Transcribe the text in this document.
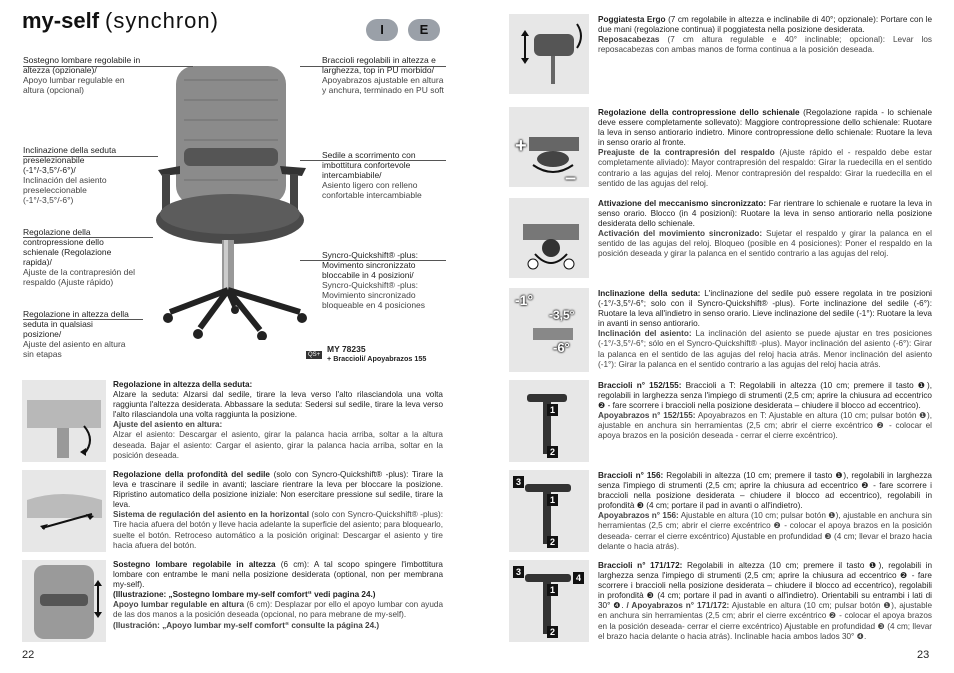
my-self (synchron)	I	E
Sostegno lombare regolabile in altezza (opzionale)/
Apoyo lumbar regulable en altura (opcional)
Inclinazione della seduta preselezionabile (-1°/-3,5°/-6°)/
Inclinación del asiento preseleccionable (-1°/-3,5°/-6°)
Regolazione della contropressione dello schienale (Regolazione rapida)/
Ajuste de la contrapresión del respaldo (Ajuste rápido)
Regolazione in altezza della seduta in qualsiasi posizione/
Ajuste del asiento en altura sin etapas
Braccioli regolabili in altezza e larghezza, top in PU morbido/
Apoyabrazos ajustable en altura y anchura, terminado en PU soft
Sedile a scorrimento con imbottitura confortevole intercambiabile/
Asiento ligero con relleno confortable intercambiable
Syncro-Quickshift® -plus: Movimento sincronizzato bloccabile in 4 posizioni/
Syncro-Quickshift® -plus: Movimiento sincronizado bloqueable en 4 posiciones
QS+
MY 78235
+ Braccioli/ Apoyabrazos 155
Regolazione in altezza della seduta:
Alzare la seduta: Alzarsi dal sedile, tirare la leva verso l'alto rilasciandola una volta raggiunta l'altezza desiderata. Abbassare la seduta: Sedersi sul sedile, tirare la leva verso l'alto rilasciandola una volta raggiunta la posizione.
Ajuste del asiento en altura:
Alzar el asiento: Descargar el asiento, girar la palanca hacia arriba, soltar a la altura deseada. Bajar el asiento: Cargar el asiento, girar la palanca hacia arriba, soltar en la posición deseada.
Regolazione della profondità del sedile (solo con Syncro-Quickshift® -plus): Tirare la leva e trascinare il sedile in avanti; lasciare rientrare la leva per bloccare la posizione. Ripristino automatico della posizione iniziale: Non esercitare pressione sul sedile, tirare la leva.
Sistema de regulación del asiento en la horizontal (solo con Syncro-Quickshift® -plus): Tire hacia afuera del botón y lleve hacia adelante la superficie del asiento; para bloquearlo, suelte el botón. Retroceso automático a la posición original: Descargar el asiento y tire hacia afuera del botón.
Sostegno lombare regolabile in altezza (6 cm): A tal scopo spingere l'imbottitura lombare con entrambe le mani nella posizione desiderata (optional, non per membrana my-self).
(Illustrazione: „Sostegno lombare my-self comfort“ vedi pagina 24.)
Apoyo lumbar regulable en altura (6 cm): Desplazar por ello el apoyo lumbar con ayuda de las dos manos a la posición deseada (opcional, no para mebrane de my-self).
(Ilustración: „Apoyo lumbar my-self comfort“ consulte la página 24.)
22
Poggiatesta Ergo (7 cm regolabile in altezza e inclinabile di 40°; opzionale): Portare con le due mani (regolazione continua) il poggiatesta nella posizione desiderata.
Reposacabezas (7 cm altura regulable e 40° inclinable; opcional): Levar los reposacabezas con ambas manos de forma continua a la posición deseada.
+
–
Regolazione della contropressione dello schienale (Regolazione rapida - lo schienale deve essere completamente sollevato): Maggiore contropressione dello schienale: Ruotare la leva in senso antiorario indietro. Minore contropressione dello schienale: Ruotare la leva in senso orario al fronte.
Preajuste de la contrapresión del respaldo (Ajuste rápido el - respaldo debe estar completamente aliviado): Mayor contrapresión del respaldo: Girar la ruedecilla en el sentido contrario a las agujas del reloj. Menor contrapresión del respaldo: Girar la ruedecilla en el sentido de las agujas del reloj.
Attivazione del meccanismo sincronizzato: Far rientrare lo schienale e ruotare la leva in senso orario. Blocco (in 4 posizioni): Ruotare la leva in senso antiorario nella posizione desiderata dello schienale.
Activación del movimiento sincronizado: Sujetar el respaldo y girar la palanca en el sentido de las agujas del reloj. Bloqueo (posible en 4 posiciones): Poner el respaldo en la posición deseada y girar la palanca en el sentido contrario a las agujas del reloj.
-1°
-3,5°
-6°
Inclinazione della seduta: L'inclinazione del sedile può essere regolata in tre posizioni (-1°/-3,5°/-6°; solo con il Syncro-Quickshift® -plus). Forte inclinazione del sedile (-6°): Ruotare la leva all'indietro in senso orario. Lieve inclinazione del sedile (-1°): Ruotare la leva in avanti in senso antiorario.
Inclinación del asiento: La inclinación del asiento se puede ajustar en tres posiciones (-1°/-3,5°/-6°; sólo en el Syncro-Quickshift® -plus). Mayor inclinación del asiento (-6°): Girar la palanca en el sentido de las agujas del reloj hacia atrás. Menor inclinación del asiento (-1°): Girar la palanca en el sentido contrario a las agujas del reloj hacia atrás.
1
2
Braccioli n° 152/155: Braccioli a T: Regolabili in altezza (10 cm; premere il tasto ❶), regolabili in larghezza senza l'impiego di strumenti (2,5 cm; aprire la chiusura ad eccentrico ❷ - fare scorrere i braccioli nella posizione desiderata – chiudere il blocco ad eccentrico).
Apoyabrazos n° 152/155: Apoyabrazos en T: Ajustable en altura (10 cm; pulsar botón ❶), ajustable en anchura sin herramientas (2,5 cm; abrir el cierre excéntrico ❷ - colocar el apoya brazos en la posición deseada - cerrar el cierre excéntrico).
3
1
2
Braccioli n° 156: Regolabili in altezza (10 cm; premere il tasto ❶), regolabili in larghezza senza l'impiego di strumenti (2,5 cm; aprire la chiusura ad eccentrico ❷ - fare scorrere i braccioli nella posizione desiderata – chiudere il blocco ad eccentrico), regolabili in profondità ❸ (4 cm; portare il pad in avanti o all'indietro).
Apoyabrazos n° 156: Ajustable en altura (10 cm; pulsar botón ❶), ajustable en anchura sin herramientas (2,5 cm; abrir el cierre excéntrico ❷ - colocar el apoya brazos en la posición deseada- cerrar el cierre excéntrico) Ajustable en profundidad ❸ (4 cm; llevar el brazo hacia delante o hacia atrás).
3
4
1
2
Braccioli n° 171/172: Regolabili in altezza (10 cm; premere il tasto ❶), regolabili in larghezza senza l'impiego di strumenti (2,5 cm; aprire la chiusura ad eccentrico ❷ - fare scorrere i braccioli nella posizione desiderata – chiudere il blocco ad eccentrico), regolabili in profondità ❸ (4 cm; portare il pad in avanti o all'indietro). Orientabili su entrambi i lati di 30° ❹. / Apoyabrazos n° 171/172: Ajustable en altura (10 cm; pulsar botón ❶), ajustable en anchura sin herramientas (2,5 cm; abrir el cierre excéntrico ❷ - colocar el apoya brazos en la posición deseada- cerrar el cierre excéntrico) Ajustable en profundidad ❸ (4 cm; llevar el brazo hacia delante o hacia atrás). Inclinable hacia ambos lados 30° ❹.
23
